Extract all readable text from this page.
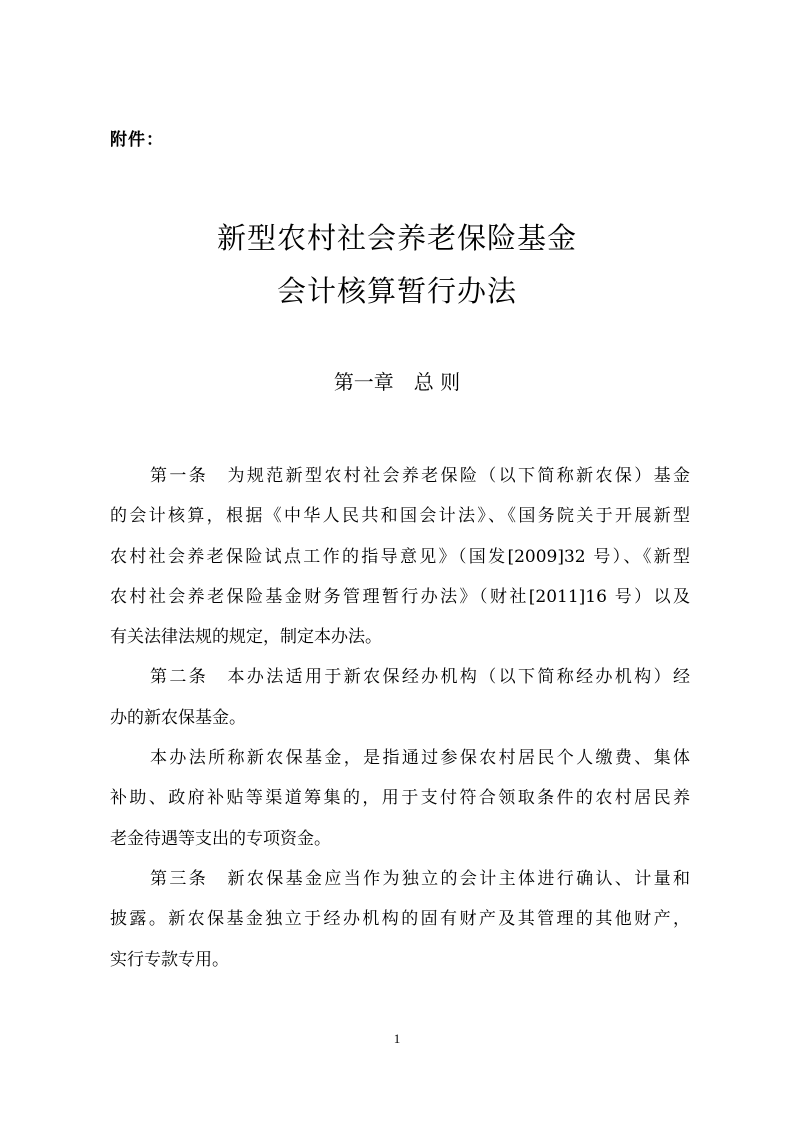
附件：
新型农村社会养老保险基金
会计核算暂行办法
第一章　总 则
第一条　为规范新型农村社会养老保险（以下简称新农保）基金
的会计核算，根据《中华人民共和国会计法》、《国务院关于开展新型
农村社会养老保险试点工作的指导意见》（国发[2009]32 号）、《新型
农村社会养老保险基金财务管理暂行办法》（财社[2011]16 号）以及
有关法律法规的规定，制定本办法。
第二条　本办法适用于新农保经办机构（以下简称经办机构）经
办的新农保基金。
本办法所称新农保基金，是指通过参保农村居民个人缴费、集体
补助、政府补贴等渠道筹集的，用于支付符合领取条件的农村居民养
老金待遇等支出的专项资金。
第三条　新农保基金应当作为独立的会计主体进行确认、计量和
披露。新农保基金独立于经办机构的固有财产及其管理的其他财产，
实行专款专用。
1
